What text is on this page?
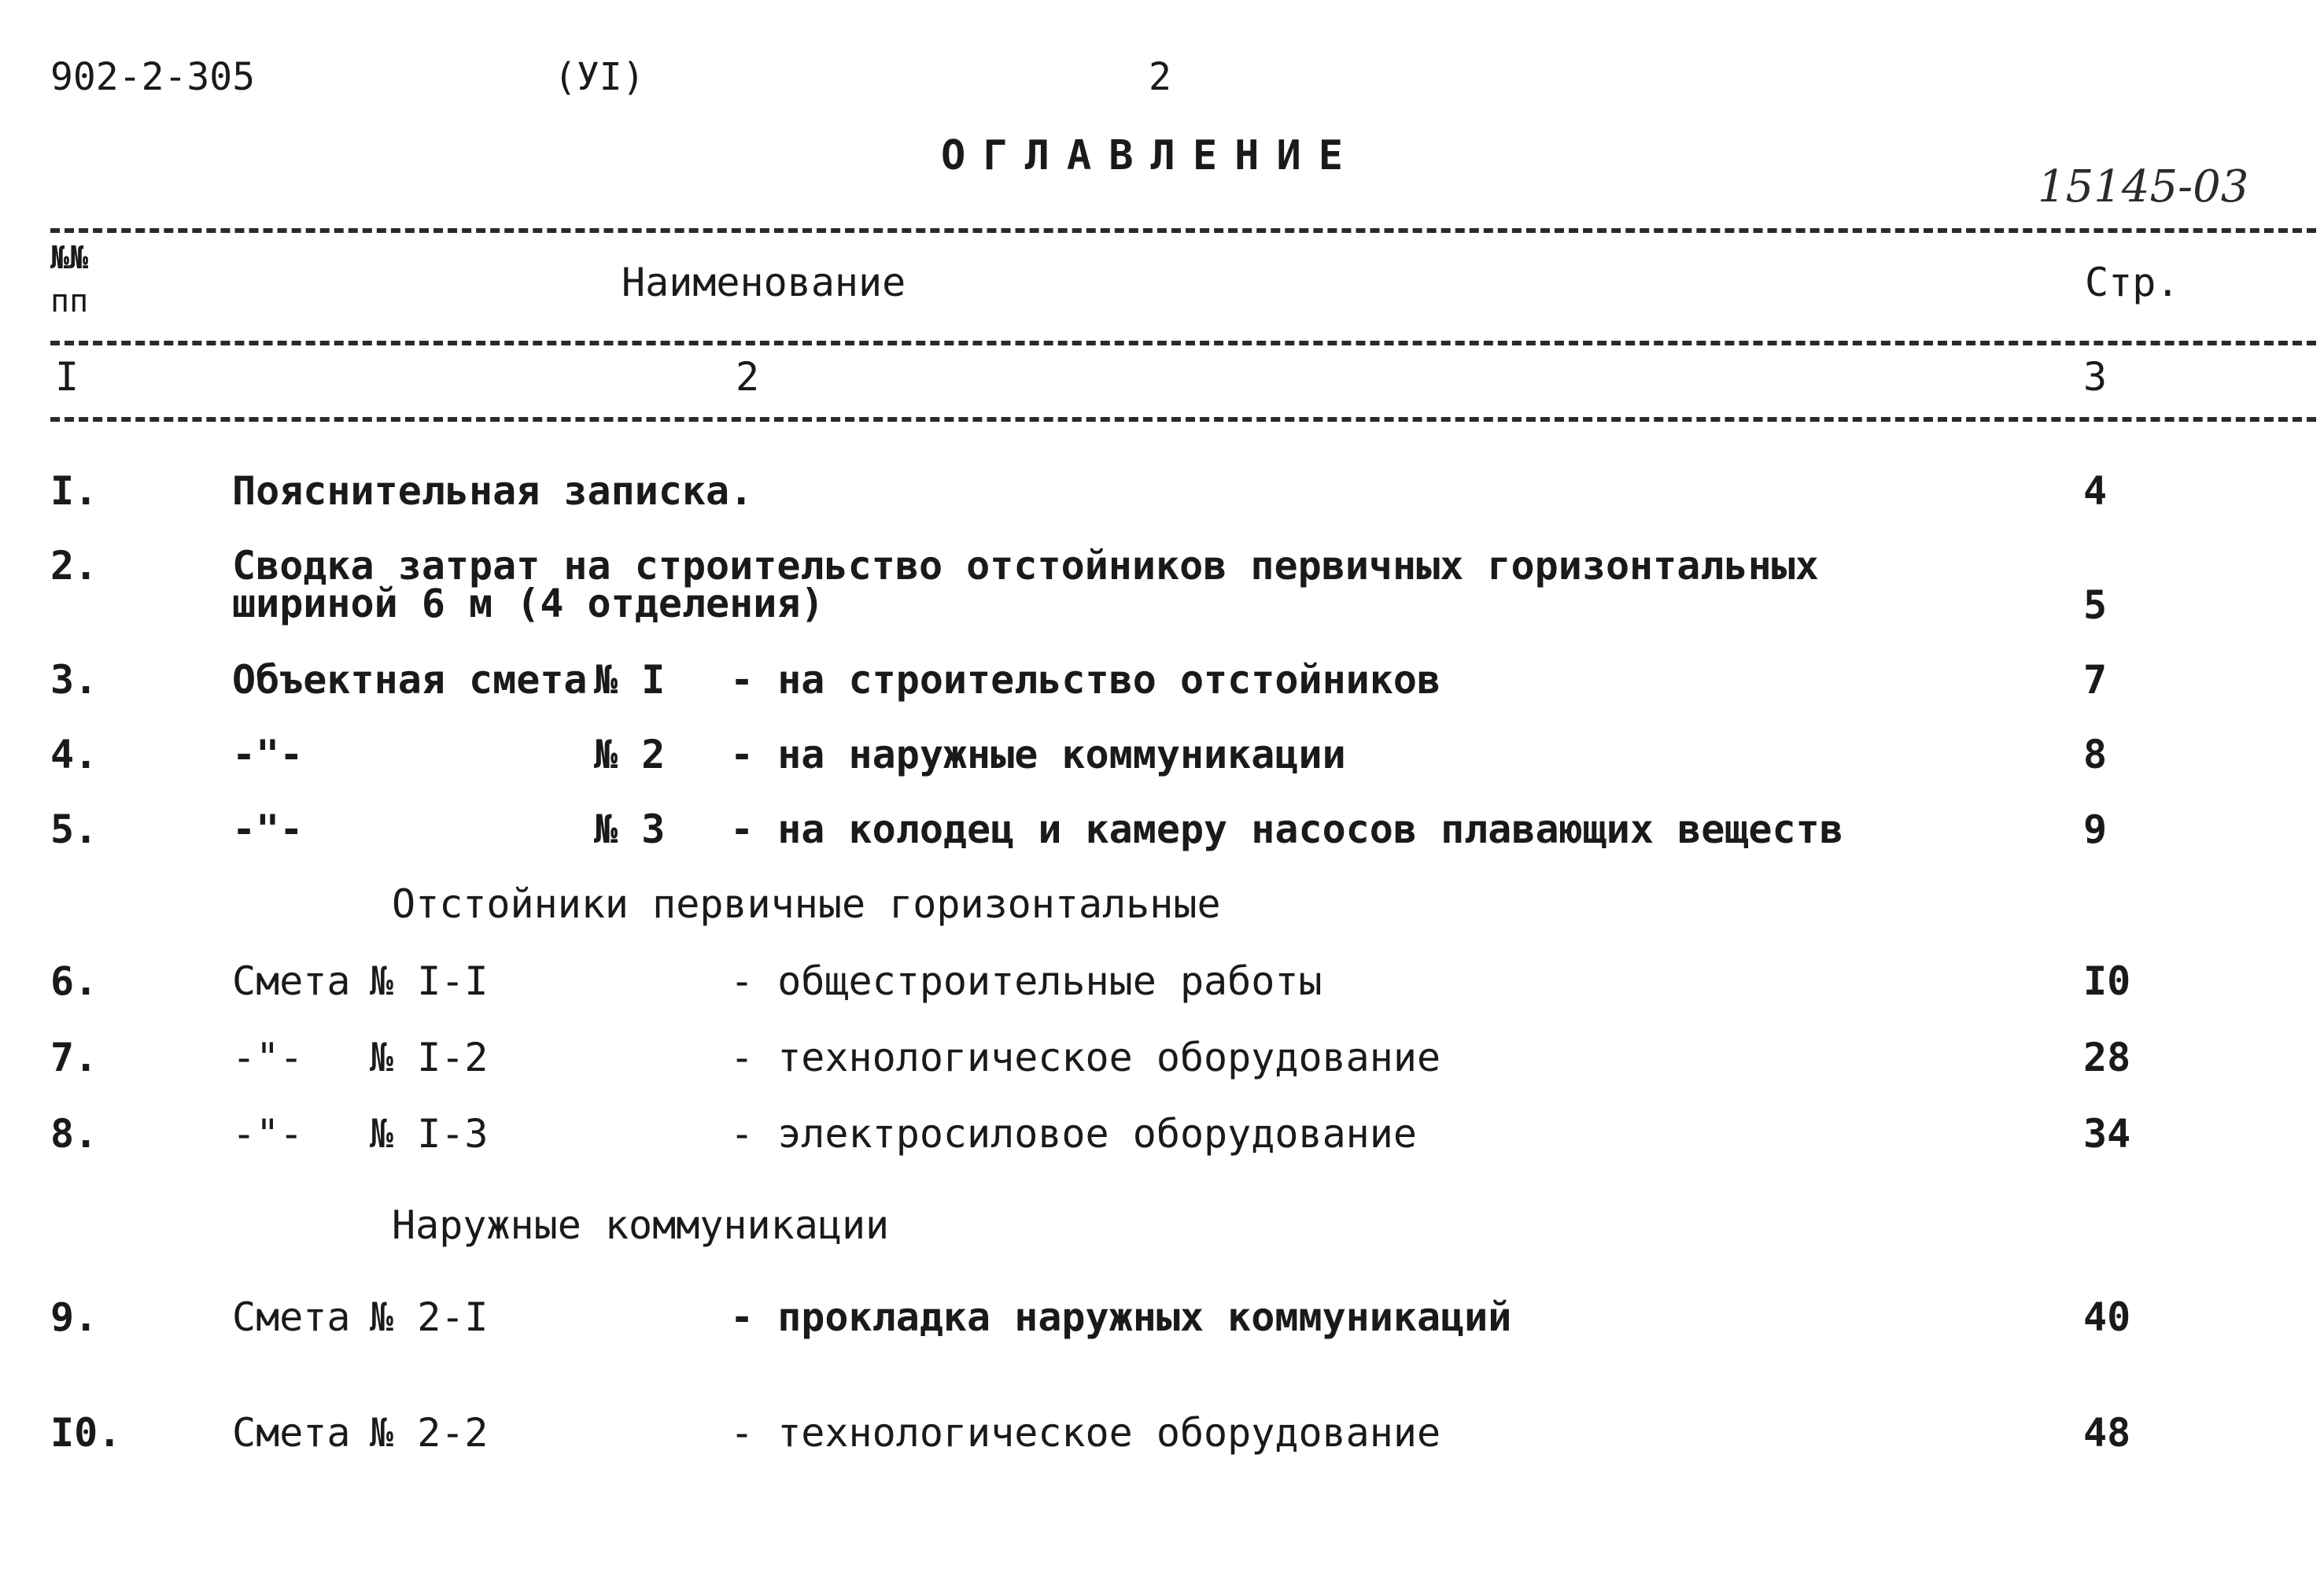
902-2-305	(УI)	2
ОГЛАВЛЕНИЕ
15145-03
№№
пп	Наименование	Стр.
I	2	3
I.	Пояснительная записка.	4
2.	Сводка затрат на строительство отстойников первичных горизонтальных
шириной 6 м (4 отделения)	5
3.	Объектная смета № I - на строительство отстойников	7
4.	-"-	№ 2 - на наружные коммуникации	8
5.	-"-	№ 3 - на колодец и камеру насосов плавающих веществ	9
Отстойники первичные горизонтальные
6.	Смета № I-I	- общестроительные работы	I0
7.	-"- № I-2	- технологическое оборудование	28
8.	-"- № I-3	- электросиловое оборудование	34
Наружные коммуникации
9.	Смета № 2-I	- прокладка наружных коммуникаций	40
I0.	Смета № 2-2	- технологическое оборудование	48
